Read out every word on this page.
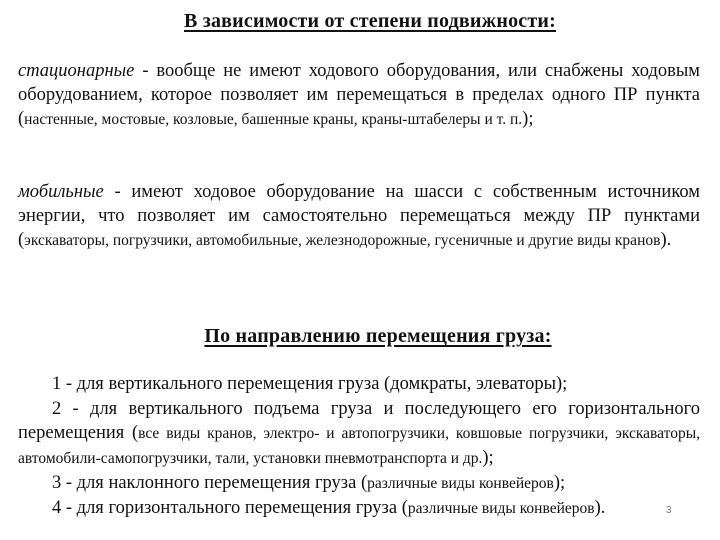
В зависимости от степени подвижности:
стационарные - вообще не имеют ходового оборудования, или снабжены ходовым оборудованием, которое позволяет им перемещаться в пределах одного ПР пункта (настенные, мостовые, козловые, башенные краны, краны-штабелеры и т. п.);
мобильные - имеют ходовое оборудование на шасси с собственным источником энергии, что позволяет им самостоятельно перемещаться между ПР пунктами (экскаваторы, погрузчики, автомобильные, железнодорожные, гусеничные и другие виды кранов).
По направлению перемещения груза:
1 - для вертикального перемещения груза (домкраты, элеваторы);
2 - для вертикального подъема груза и последующего его горизонтального перемещения (все виды кранов, электро- и автопогрузчики, ковшовые погрузчики, экскаваторы, автомобили-самопогрузчики, тали, установки пневмотранспорта и др.);
3 - для наклонного перемещения груза (различные виды конвейеров);
4 - для горизонтального перемещения груза (различные виды конвейеров).	3
